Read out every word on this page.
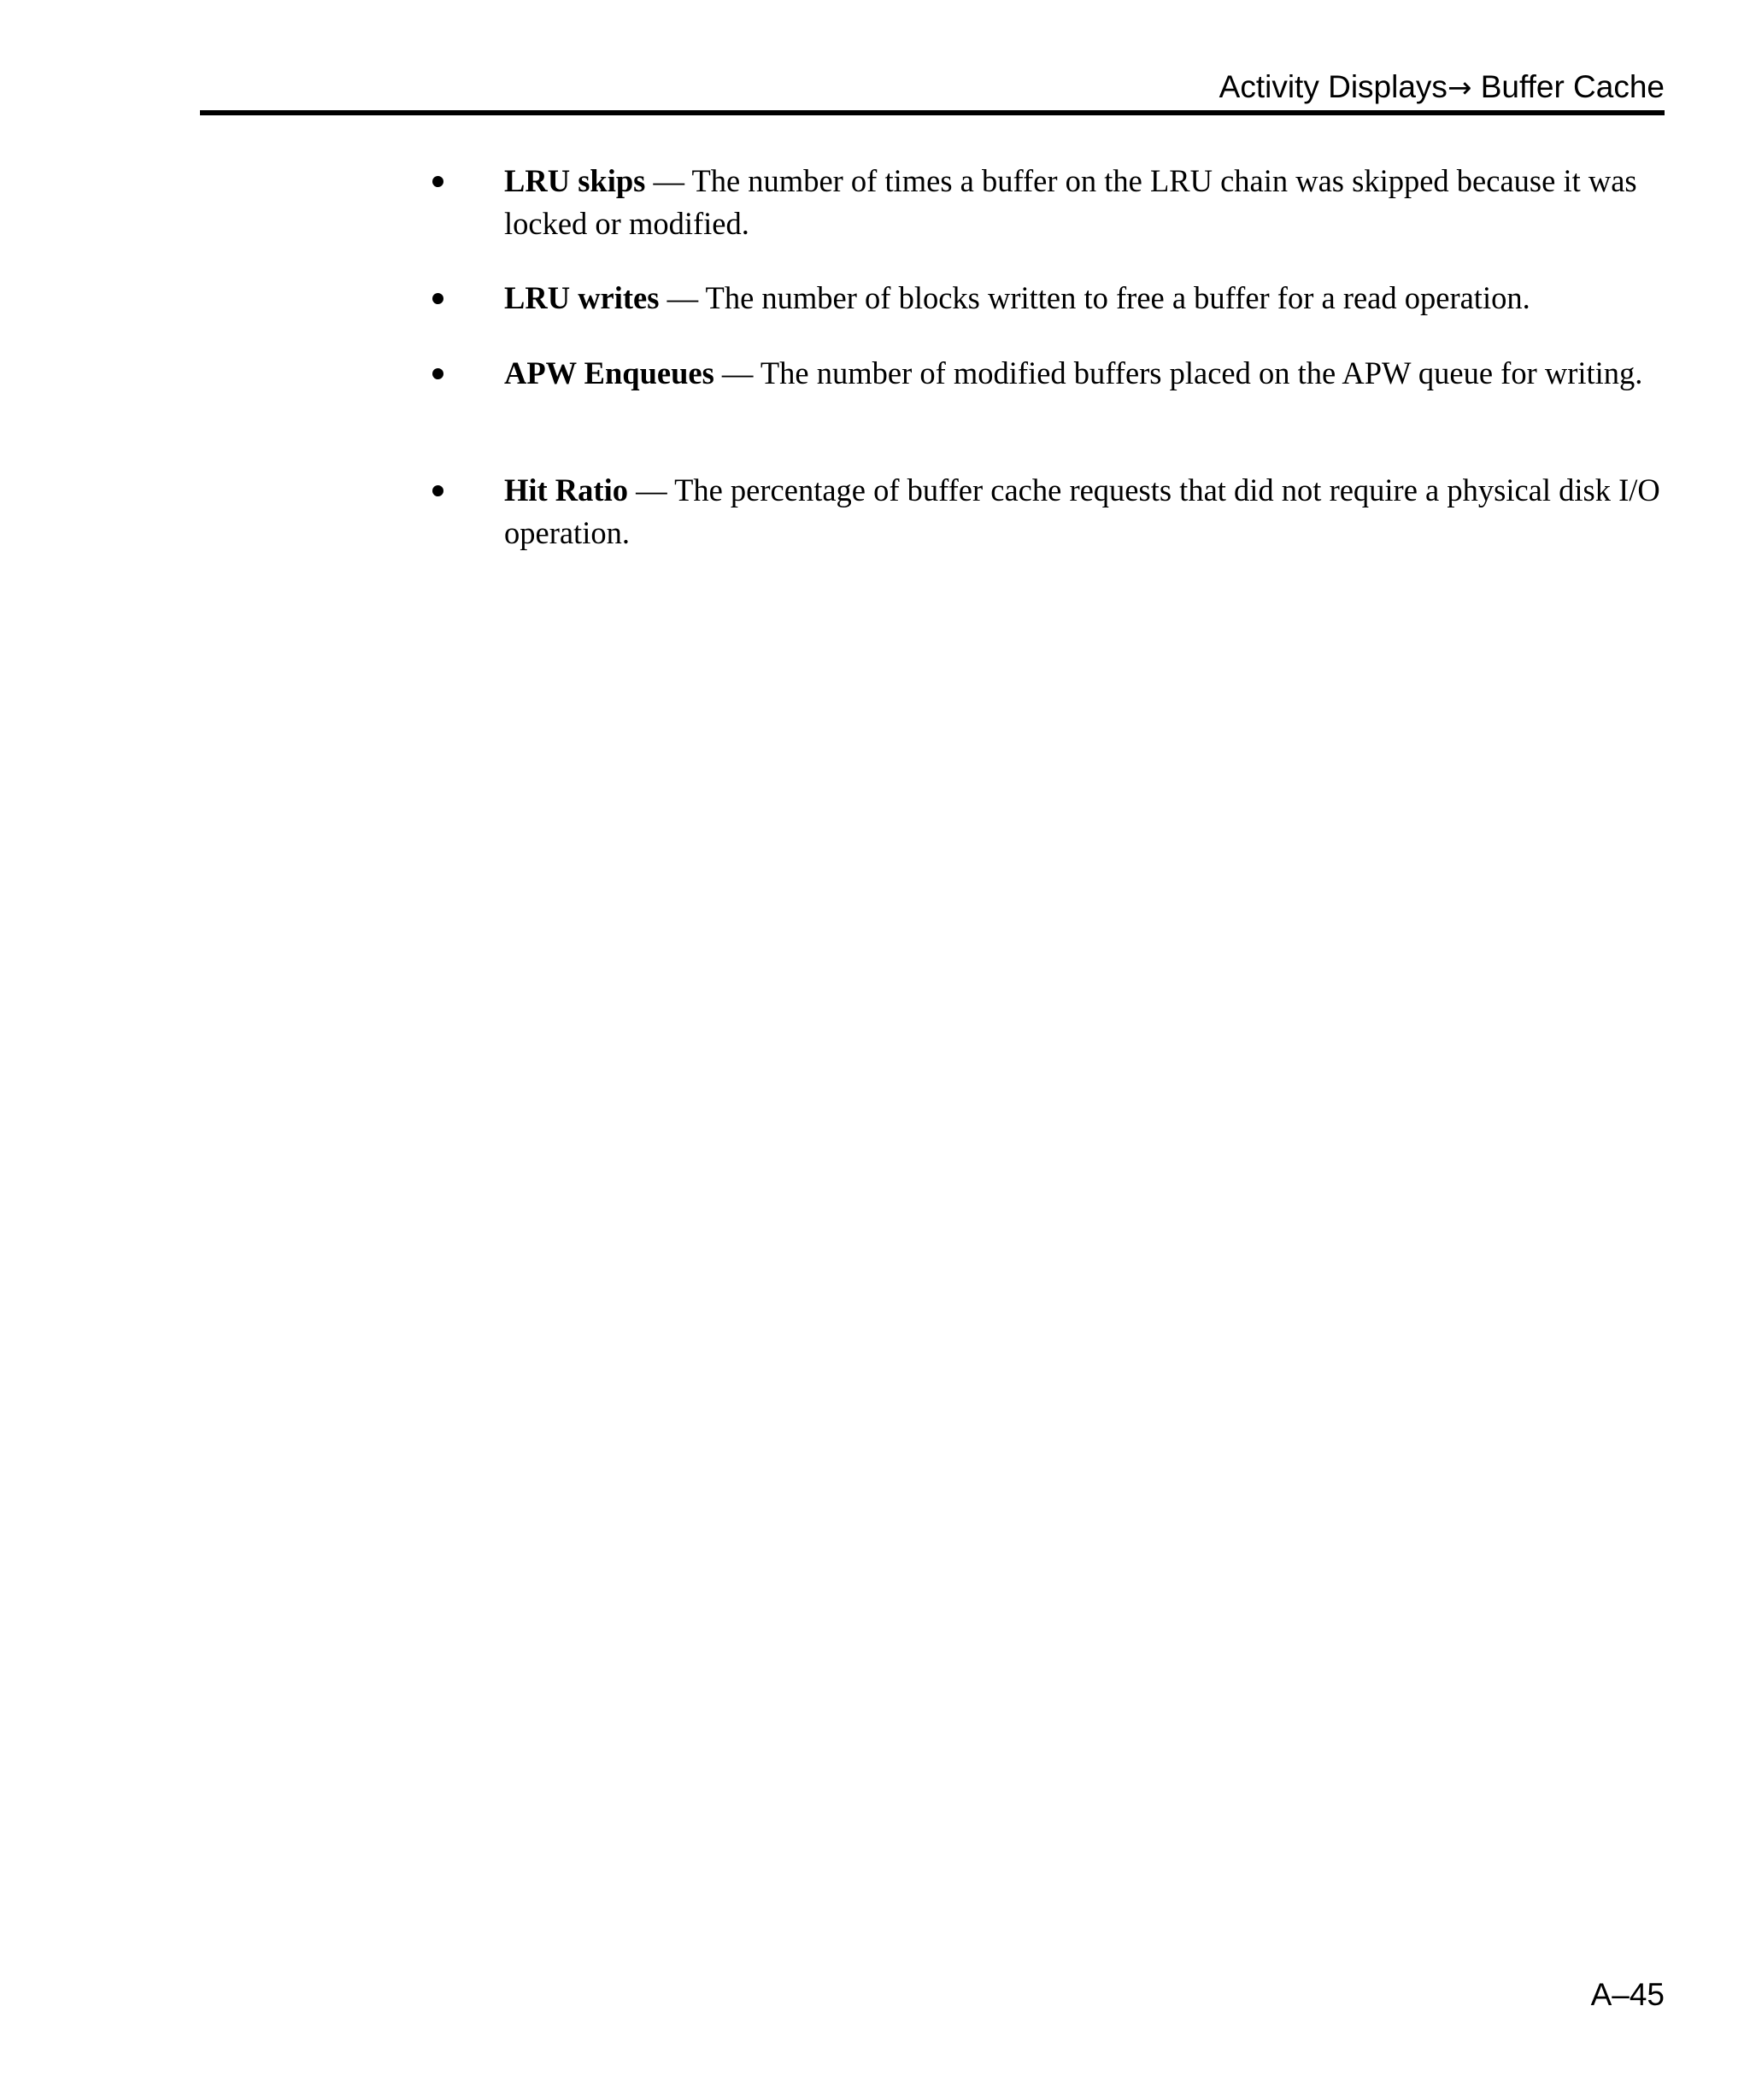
Activity Displays→ Buffer Cache
LRU skips — The number of times a buffer on the LRU chain was skipped because it was locked or modified.
LRU writes — The number of blocks written to free a buffer for a read operation.
APW Enqueues — The number of modified buffers placed on the APW queue for writing.
Hit Ratio — The percentage of buffer cache requests that did not require a physical disk I/O operation.
A–45
